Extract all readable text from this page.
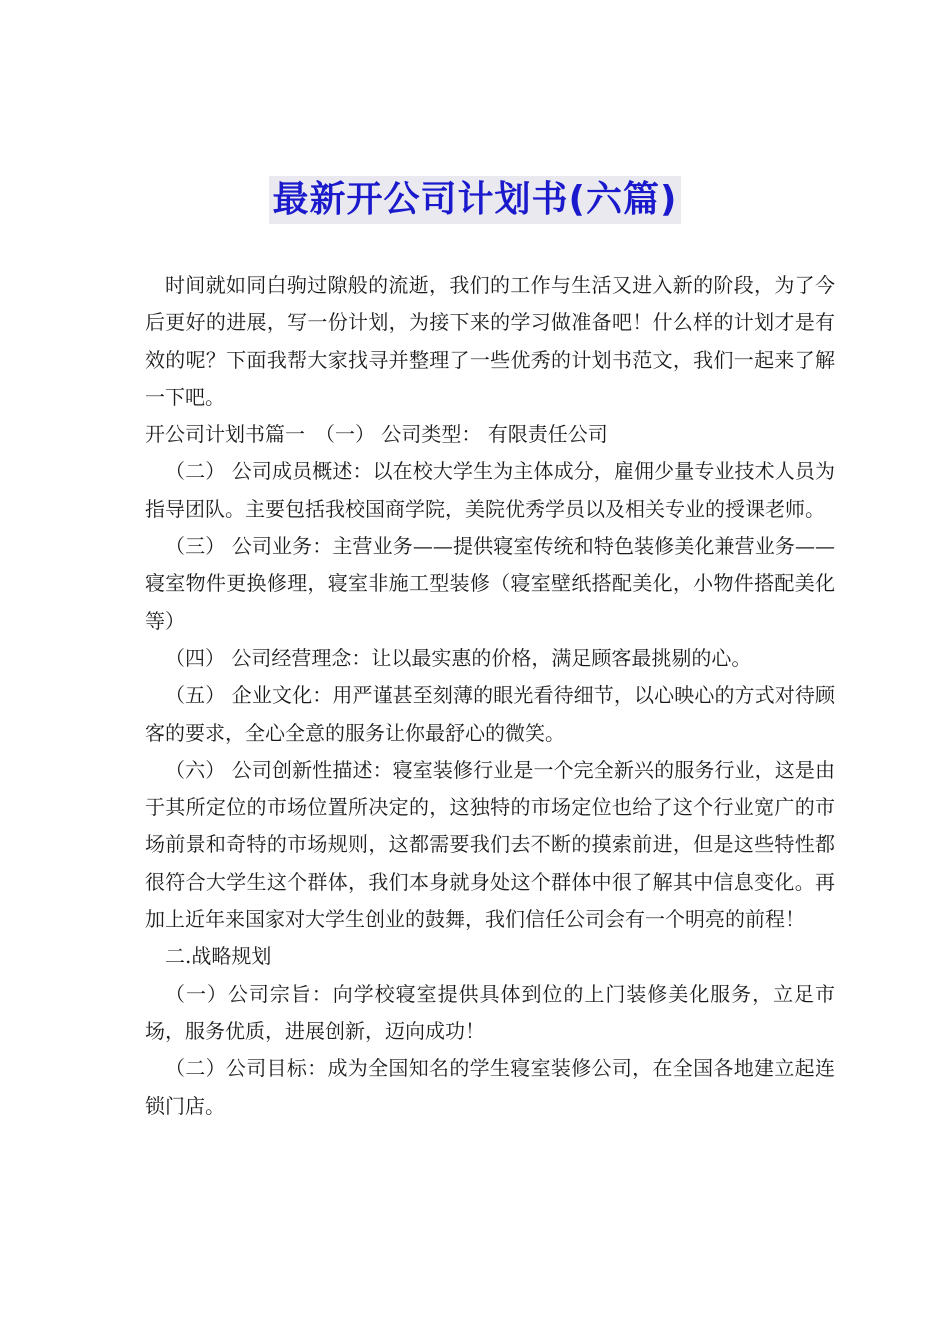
最新开公司计划书(六篇)

时间就如同白驹过隙般的流逝，我们的工作与生活又进入新的阶段，为了今后更好的进展，写一份计划，为接下来的学习做准备吧！什么样的计划才是有效的呢？下面我帮大家找寻并整理了一些优秀的计划书范文，我们一起来了解一下吧。

开公司计划书篇一　（一） 公司类型： 有限责任公司

（二） 公司成员概述：以在校大学生为主体成分，雇佣少量专业技术人员为指导团队。主要包括我校国商学院，美院优秀学员以及相关专业的授课老师。

（三） 公司业务：主营业务——提供寝室传统和特色装修美化兼营业务——寝室物件更换修理，寝室非施工型装修（寝室壁纸搭配美化，小物件搭配美化等）

（四） 公司经营理念：让以最实惠的价格，满足顾客最挑剔的心。

（五） 企业文化：用严谨甚至刻薄的眼光看待细节，以心映心的方式对待顾客的要求，全心全意的服务让你最舒心的微笑。

（六） 公司创新性描述：寝室装修行业是一个完全新兴的服务行业，这是由于其所定位的市场位置所决定的，这独特的市场定位也给了这个行业宽广的市场前景和奇特的市场规则，这都需要我们去不断的摸索前进，但是这些特性都很符合大学生这个群体，我们本身就身处这个群体中很了解其中信息变化。再加上近年来国家对大学生创业的鼓舞，我们信任公司会有一个明亮的前程！

二.战略规划

（一）公司宗旨：向学校寝室提供具体到位的上门装修美化服务，立足市场，服务优质，进展创新，迈向成功！

（二）公司目标：成为全国知名的学生寝室装修公司，在全国各地建立起连锁门店。
